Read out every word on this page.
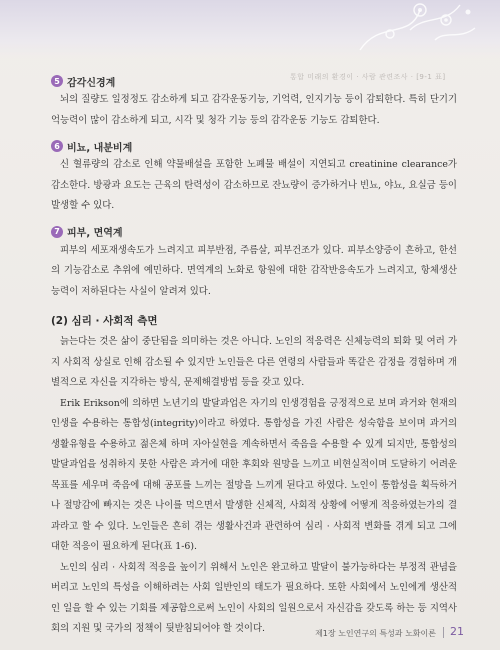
통합 미래의 환경이 · 사람 관련조사 · [9-1 표]
5 감각신경계

뇌의 질량도 일정정도 감소하게 되고 감각운동기능, 기억력, 인지기능 등이 감퇴한다. 특히 단기기억능력이 많이 감소하게 되고, 시각 및 청각 기능 등의 감각운동 기능도 감퇴한다.

6 비뇨, 내분비계

신 혈류량의 감소로 인해 약물배설을 포함한 노폐물 배설이 지연되고 creatinine clearance가 감소한다. 방광과 요도는 근육의 탄력성이 감소하므로 잔뇨량이 증가하거나 빈뇨, 야뇨, 요실금 등이 발생할 수 있다.

7 피부, 면역계

피부의 세포재생속도가 느려지고 피부반점, 주름살, 피부건조가 있다. 피부소양증이 흔하고, 한선의 기능감소로 추위에 예민하다. 면역계의 노화로 항원에 대한 감작반응속도가 느려지고, 항체생산능력이 저하된다는 사실이 알려져 있다.

(2) 심리 · 사회적 측면

늙는다는 것은 삶이 중단됨을 의미하는 것은 아니다. 노인의 적응력은 신체능력의 퇴화 및 여러 가지 사회적 상실로 인해 감소될 수 있지만 노인들은 다른 연령의 사람들과 똑같은 감정을 경험하며 개별적으로 자신을 지각하는 방식, 문제해결방법 등을 갖고 있다.

Erik Erikson에 의하면 노년기의 발달과업은 자기의 인생경험을 긍정적으로 보며 과거와 현재의 인생을 수용하는 통합성(integrity)이라고 하였다. 통합성을 가진 사람은 성숙함을 보이며 과거의 생활유형을 수용하고 젊은체 하며 자아실현을 계속하면서 죽음을 수용할 수 있게 되지만, 통합성의 발달과업을 성취하지 못한 사람은 과거에 대한 후회와 원망을 느끼고 비현실적이며 도달하기 어려운 목표를 세우며 죽음에 대해 공포를 느끼는 절망을 느끼게 된다고 하였다. 노인이 통합성을 획득하거나 절망감에 빠지는 것은 나이를 먹으면서 발생한 신체적, 사회적 상황에 어떻게 적응하였는가의 결과라고 할 수 있다. 노인들은 흔히 겪는 생활사건과 관련하여 심리 · 사회적 변화를 겪게 되고 그에 대한 적응이 필요하게 된다(표 1-6).

노인의 심리 · 사회적 적응을 높이기 위해서 노인은 완고하고 발달이 불가능하다는 부정적 관념을 버리고 노인의 특성을 이해하려는 사회 일반인의 태도가 필요하다. 또한 사회에서 노인에게 생산적인 일을 할 수 있는 기회를 제공함으로써 노인이 사회의 일원으로서 자신감을 갖도록 하는 등 지역사회의 지원 및 국가의 정책이 뒷받침되어야 할 것이다.	제1장 노인연구의 특성과 노화이론 21
